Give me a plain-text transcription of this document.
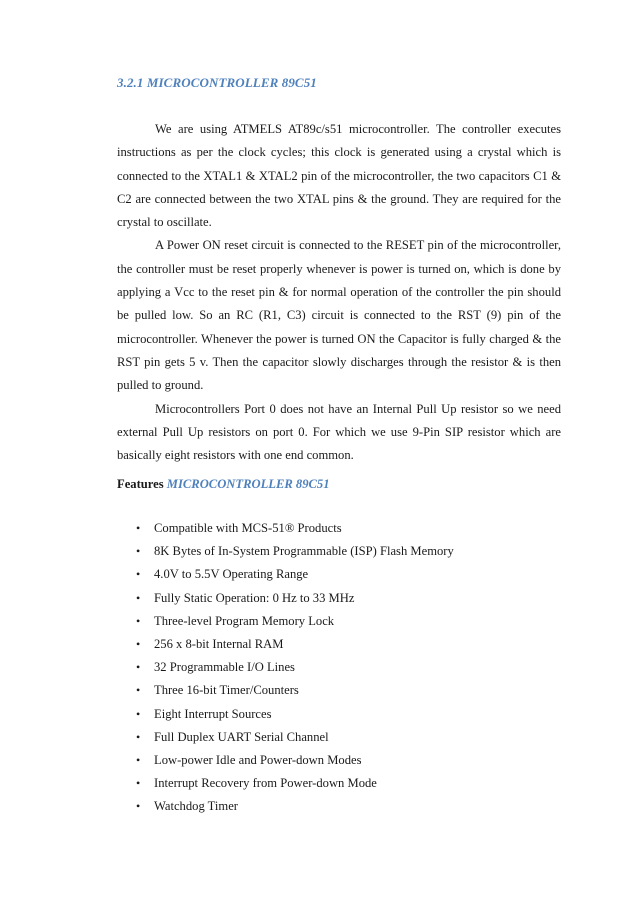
3.2.1 MICROCONTROLLER 89C51

We are using ATMELS AT89c/s51 microcontroller. The controller executes instructions as per the clock cycles; this clock is generated using a crystal which is connected to the XTAL1 & XTAL2 pin of the microcontroller, the two capacitors C1 & C2 are connected between the two XTAL pins & the ground. They are required for the crystal to oscillate.

A Power ON reset circuit is connected to the RESET pin of the microcontroller, the controller must be reset properly whenever is power is turned on, which is done by applying a Vcc to the reset pin & for normal operation of the controller the pin should be pulled low. So an RC (R1, C3) circuit is connected to the RST (9) pin of the microcontroller. Whenever the power is turned ON the Capacitor is fully charged & the RST pin gets 5 v. Then the capacitor slowly discharges through the resistor & is then pulled to ground.

Microcontrollers Port 0 does not have an Internal Pull Up resistor so we need external Pull Up resistors on port 0. For which we use 9-Pin SIP resistor which are basically eight resistors with one end common.

Features MICROCONTROLLER 89C51
• Compatible with MCS-51® Products
• 8K Bytes of In-System Programmable (ISP) Flash Memory
• 4.0V to 5.5V Operating Range
• Fully Static Operation: 0 Hz to 33 MHz
• Three-level Program Memory Lock
• 256 x 8-bit Internal RAM
• 32 Programmable I/O Lines
• Three 16-bit Timer/Counters
• Eight Interrupt Sources
• Full Duplex UART Serial Channel
• Low-power Idle and Power-down Modes
• Interrupt Recovery from Power-down Mode
• Watchdog Timer
